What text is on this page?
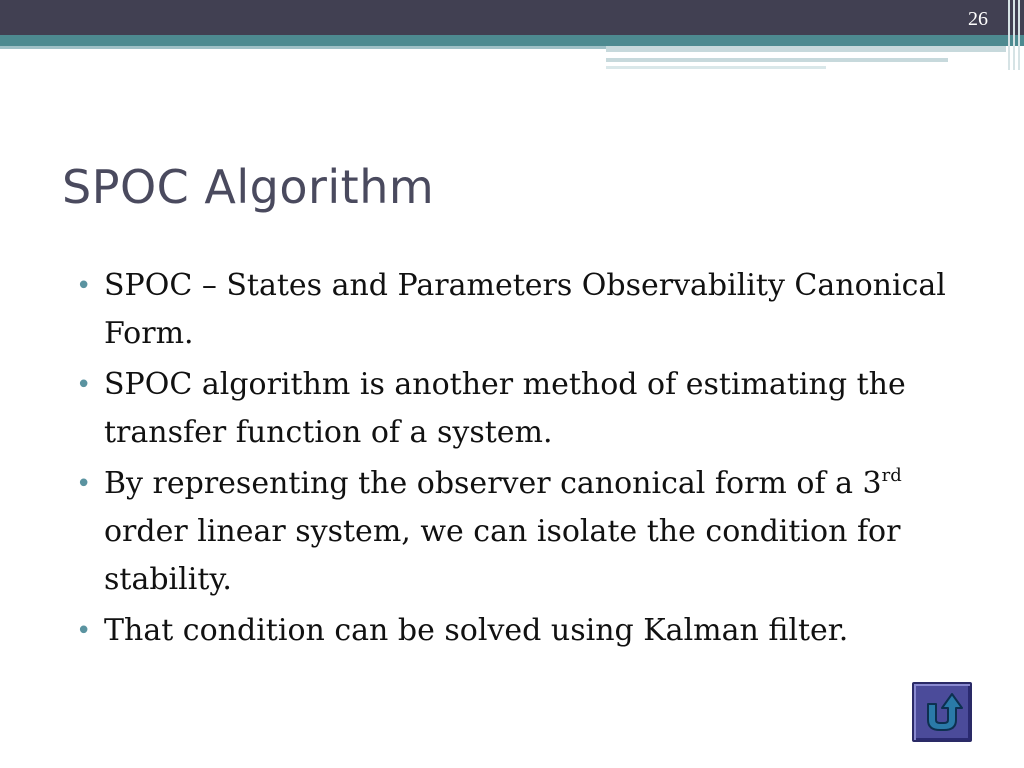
26
SPOC Algorithm
• SPOC – States and Parameters Observability Canonical Form.
• SPOC algorithm is another method of estimating the transfer function of a system.
• By representing the observer canonical form of a 3rd order linear system, we can isolate the condition for stability.
• That condition can be solved using Kalman filter.
